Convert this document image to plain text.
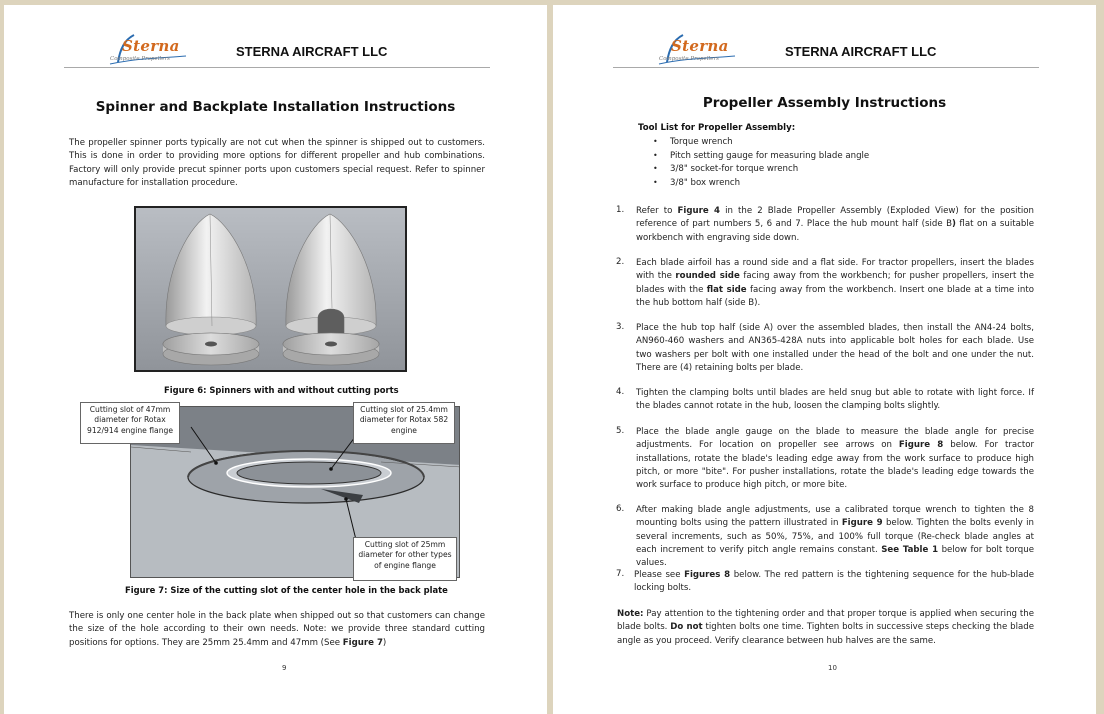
Sterna
Composite Propellers	STERNA AIRCRAFT LLC
Spinner and Backplate Installation Instructions
The propeller spinner ports typically are not cut when the spinner is shipped out to customers. This is done in order to providing more options for different propeller and hub combinations. Factory will only provide precut spinner ports upon customers special request. Refer to spinner manufacture for installation procedure.
Figure 6: Spinners with and without cutting ports
Cutting slot of 47mm diameter for Rotax 912/914 engine flange
Cutting slot of 25.4mm diameter for Rotax 582 engine
Cutting slot of 25mm diameter for other types of engine flange
Figure 7: Size of the cutting slot of the center hole in the back plate
There is only one center hole in the back plate when shipped out so that customers can change the size of the hole according to their own needs. Note: we provide three standard cutting positions for options. They are 25mm 25.4mm and 47mm (See Figure 7)
9
Sterna
Composite Propellers	STERNA AIRCRAFT LLC
Propeller Assembly Instructions
Tool List for Propeller Assembly:
• Torque wrench
• Pitch setting gauge for measuring blade angle
• 3/8" socket-for torque wrench
• 3/8" box wrench
1. Refer to Figure 4 in the 2 Blade Propeller Assembly (Exploded View) for the position reference of part numbers 5, 6 and 7. Place the hub mount half (side B) flat on a suitable workbench with engraving side down.
2. Each blade airfoil has a round side and a flat side. For tractor propellers, insert the blades with the rounded side facing away from the workbench; for pusher propellers, insert the blades with the flat side facing away from the workbench. Insert one blade at a time into the hub bottom half (side B).
3. Place the hub top half (side A) over the assembled blades, then install the AN4-24 bolts, AN960-460 washers and AN365-428A nuts into applicable bolt holes for each blade. Use two washers per bolt with one installed under the head of the bolt and one under the nut. There are (4) retaining bolts per blade.
4. Tighten the clamping bolts until blades are held snug but able to rotate with light force. If the blades cannot rotate in the hub, loosen the clamping bolts slightly.
5. Place the blade angle gauge on the blade to measure the blade angle for precise adjustments. For location on propeller see arrows on Figure 8 below. For tractor installations, rotate the blade's leading edge away from the work surface to produce high pitch, or more "bite". For pusher installations, rotate the blade's leading edge towards the work surface to produce high pitch, or more bite.
6. After making blade angle adjustments, use a calibrated torque wrench to tighten the 8 mounting bolts using the pattern illustrated in Figure 9 below. Tighten the bolts evenly in several increments, such as 50%, 75%, and 100% full torque (Re-check blade angles at each increment to verify pitch angle remains constant. See Table 1 below for bolt torque values.
7. Please see Figures 8 below. The red pattern is the tightening sequence for the hub-blade locking bolts.
Note: Pay attention to the tightening order and that proper torque is applied when securing the blade bolts. Do not tighten bolts one time. Tighten bolts in successive steps checking the blade angle as you proceed. Verify clearance between hub halves are the same.
10
